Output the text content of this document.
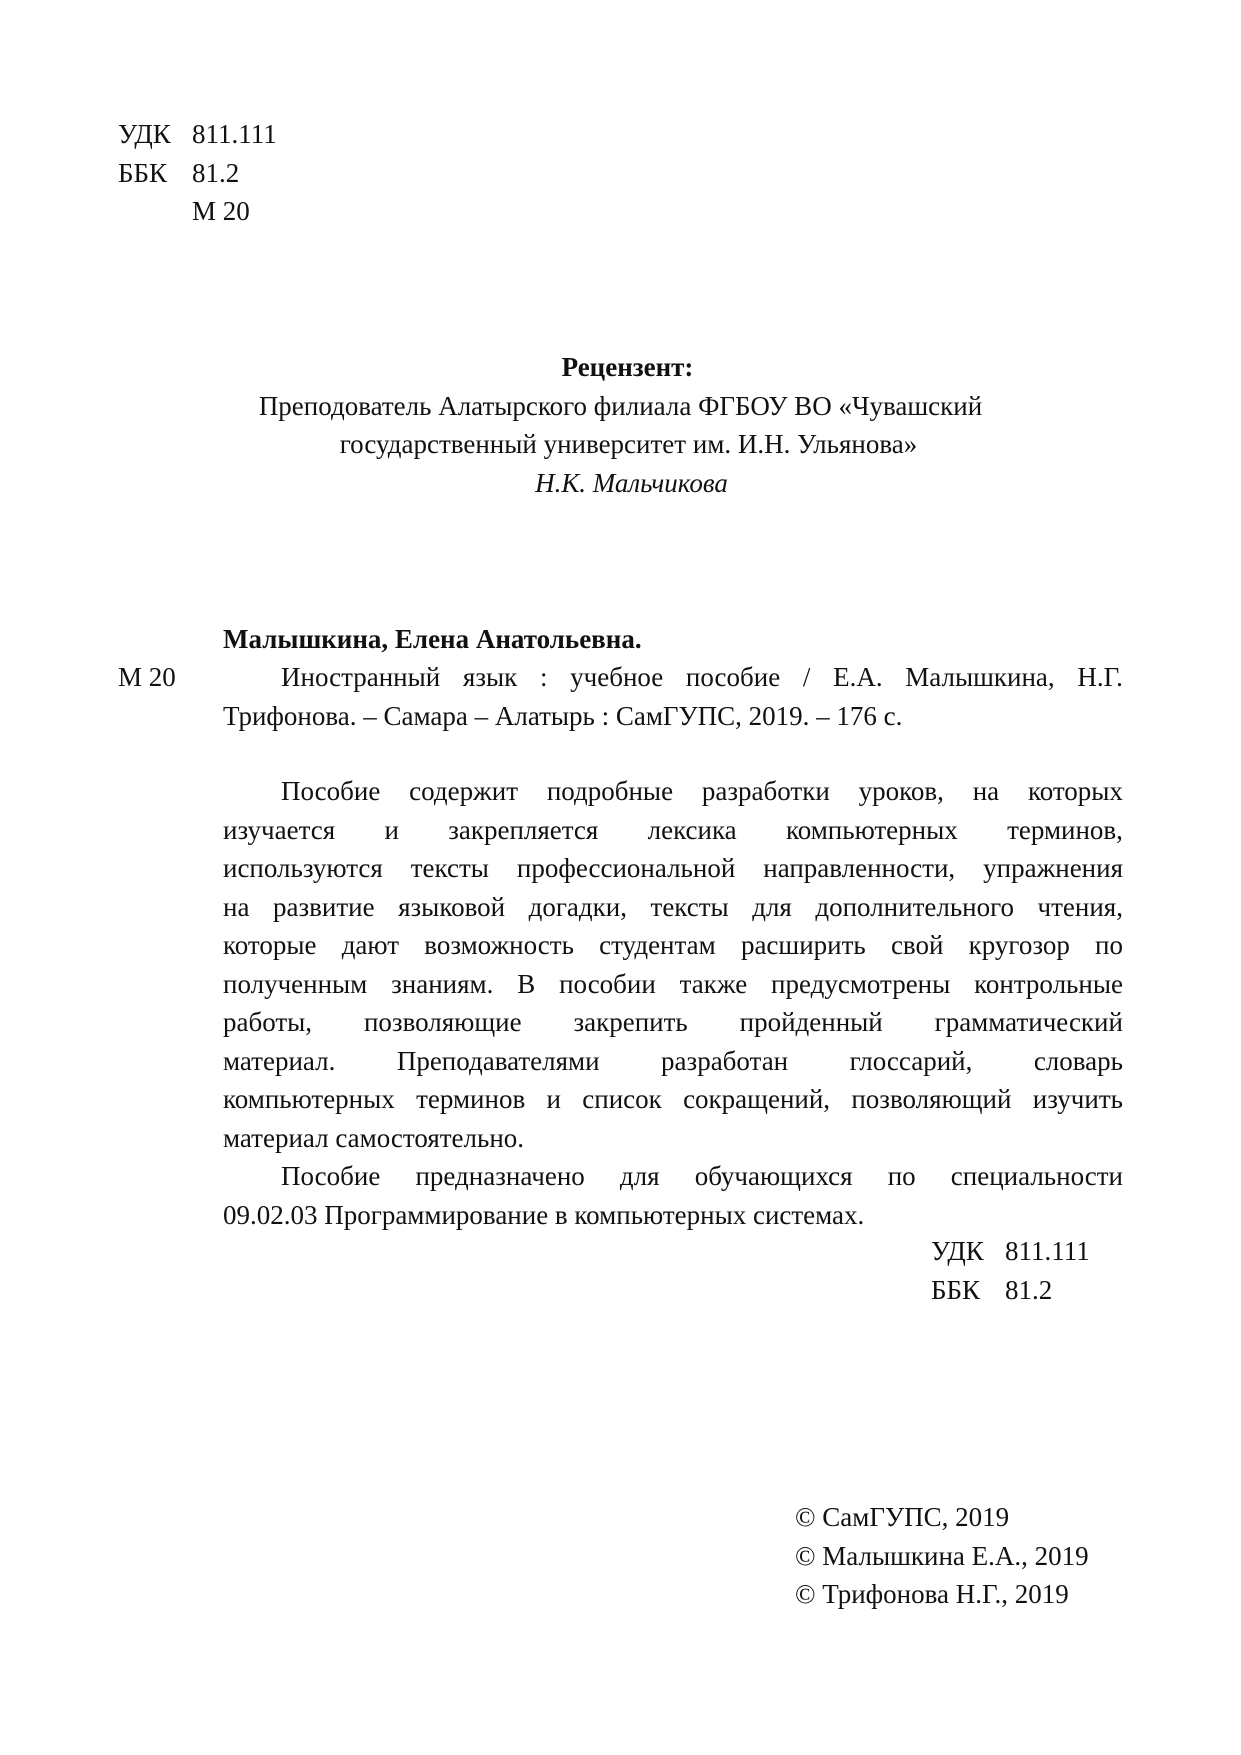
УДК 811.111
ББК 81.2
М 20
Рецензент:
Преподователь Алатырского филиала ФГБОУ ВО «Чувашский
государственный университет им. И.Н. Ульянова»
Н.К. Мальчикова
Малышкина, Елена Анатольевна.
М 20	Иностранный язык : учебное пособие / Е.А. Малышкина, Н.Г.
Трифонова. – Самара – Алатырь : СамГУПС, 2019. – 176 с.
Пособие содержит подробные разработки уроков, на которых
изучается и закрепляется лексика компьютерных терминов,
используются тексты профессиональной направленности, упражнения
на развитие языковой догадки, тексты для дополнительного чтения,
которые дают возможность студентам расширить свой кругозор по
полученным знаниям. В пособии также предусмотрены контрольные
работы, позволяющие закрепить пройденный грамматический
материал. Преподавателями разработан глоссарий, словарь
компьютерных терминов и список сокращений, позволяющий изучить
материал самостоятельно.
Пособие предназначено для обучающихся по специальности
09.02.03 Программирование в компьютерных системах.
УДК 811.111
ББК 81.2
© СамГУПС, 2019
© Малышкина Е.А., 2019
© Трифонова Н.Г., 2019
